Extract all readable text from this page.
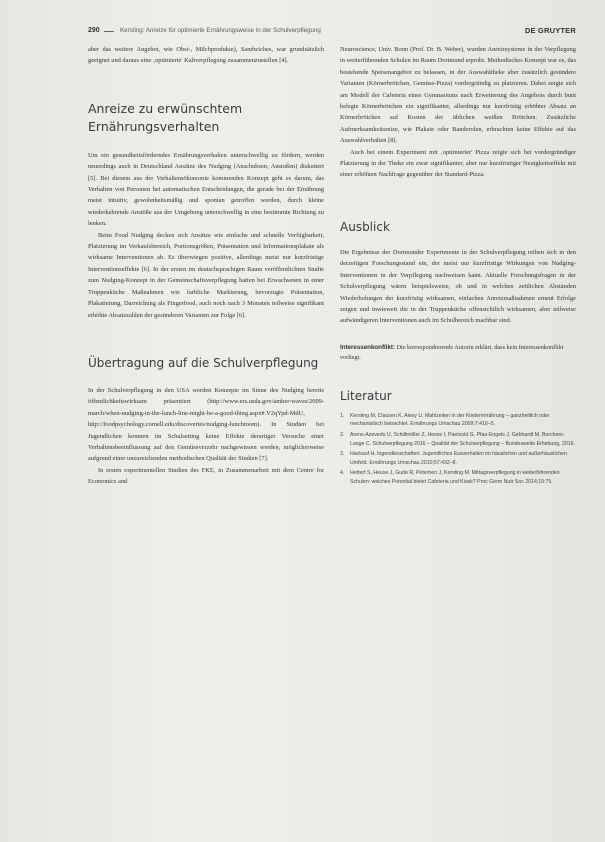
290	Kersting: Anreize für optimierte Ernährungsweise in der Schulverpflegung	DE GRUYTER

aber das weitere Angebot, wie Obst-, Milchprodukte), Sandwiches, war grundsätzlich geeignet und daraus eine ‚optimierte' Kaltverpflegung zusammenzustellen [4].

Anreize zu erwünschtem Ernährungsverhalten

Um ein gesundheitsförderndes Ernährungsverhalten unterschwellig zu fördern, werden neuerdings auch in Deutschland Ansätze des Nudging (Anschubsen, Anstoßen) diskutiert [5]. Bei diesem aus der Verhaltensökonomie kommenden Konzept geht es darum, das Verhalten von Personen bei automatischen Entscheidungen, die gerade bei der Ernährung meist intuitiv, gewohnheitsmäßig und spontan getroffen werden, durch kleine wiederkehrende Anstöße aus der Umgebung unterschwellig in eine bestimmte Richtung zu lenken.

Beim Food Nudging decken sich Ansätze wie einfache und schnelle Verfügbarkeit, Platzierung im Verkaufsbereich, Portionsgrößen, Präsentation und Informationsplakate als wirksame Interventionen ab. Es überwiegen positive, allerdings meist nur kurzfristige Interventionseffekte [6]. In der ersten im deutschsprachigen Raum veröffentlichten Studie zum Nudging-Konzept in der Gemeinschaftsverpflegung hatten bei Erwachsenen in einer Truppenküche Maßnahmen wie farbliche Markierung, bevorzugte Präsentation, Plakatierung, Darreichung als Fingerfood, auch noch nach 3 Monaten teilweise signifikant erhöhte Absatzzahlen der gesünderen Varianten zur Folge [6].

Übertragung auf die Schulverpflegung

In der Schulverpflegung in den USA werden Konzepte im Sinne des Nudging bereits öffentlichkeitswirksam präsentiert (http://www.ers.usda.gov/amber-waves/2009-march/when-nudging-in-the-lunch-line-might-be-a-good-thing.aspx#.V2qYpd-MdU, http://foodpsychology.cornell.edu/discoveries/nudging-lunchroom). In Studien bei Jugendlichen konnten im Schulsetting keine Effekte derartiger Versuche einer Verhaltensbeeinflussung auf den Gemüseverzehr nachgewiesen werden, möglicherweise aufgrund einer unzureichenden methodischen Qualität der Studien [7].

In ersten experimentellen Studien des FKE, in Zusammenarbeit mit dem Centre for Economics and

Neuroscience, Univ. Bonn (Prof. Dr. B. Weber), wurden Anreizsysteme in der Verpflegung in weiterführenden Schulen im Raum Dortmund erprobt. Methodisches Konzept war es, das bestehende Speisenangebot zu belassen, in der Auswahltheke aber zusätzlich gesündere Varianten (Körnerbrötchen, Gemüse-Pizza) vordergründig zu platzieren. Dabei zeigte sich am Modell der Cafeteria eines Gymnasiums nach Erweiterung des Angebots durch bunt belegte Körnerbrötchen ein signifikanter, allerdings nur kurzfristig erhöhter Absatz an Körnerbrötchen auf Kosten der üblichen weißen Brötchen. Zusätzliche Aufmerksamkeitsreize, wie Plakate oder Banderolen, erbrachten keine Effekte auf das Auswahlverhalten [8].

Auch bei einem Experiment mit ‚optimierter' Pizza zeigte sich bei vordergründiger Platzierung in der Theke ein zwar signifikanter, aber nur kurzfristiger Neuigkeitseffekt mit einer erhöhten Nachfrage gegenüber der Standard-Pizza.

Ausblick

Die Ergebnisse der Dortmunder Experimente in der Schulverpflegung reihen sich in den derzeitigen Forschungsstand ein, der meist nur kurzfristige Wirkungen von Nudging-Interventionen in der Verpflegung nachweisen kann. Aktuelle Forschungsfragen in der Schulverpflegung wären beispielsweise, ob und in welchen zeitlichen Abständen Wiederholungen der kurzfristig wirksamen, einfachen Anreizmaßnahmen erneut Erfolge zeigen und inwieweit die in der Truppenküche offensichtlich wirksamen, aber teilweise aufwändigeren Interventionen auch im Schulbereich machbar sind.

Interessenkonflikt: Die korrespondierende Autorin erklärt, dass kein Interessenkonflikt vorliegt.

Literatur
1. Kersting M, Clausen K, Alexy U. Mahlzeiten in der Kinderernährung – ganzheitlich oder mechanistisch betrachtet. Ernährungs Umschau 2009;7:416–5.
2. Arens-Azevedo U, Schillmöller Z, Hesse I, Paetzold G, Pfau-Engels J, Gebhardt M, Borchers-Lange C. Schulverpflegung 2016 – Qualität der Schulverpflegung – Bundesweite Erhebung, 2016.
3. Hackauf H. Ingendlesschaften: Jugendliches Essverhalten im häuslichen und außerhäuslichen Umfeld. Ernährungs Umschau 2010;57:432–8.
4. Hetterf S, Heuse J, Gude R, Peterhen J, Kersting M. Mittagsverpflegung in weiterführenden Schulen: welches Potential bietet Cafeteria und Kiosk? Proc Germ Nutr Soc 2014;19:75.
